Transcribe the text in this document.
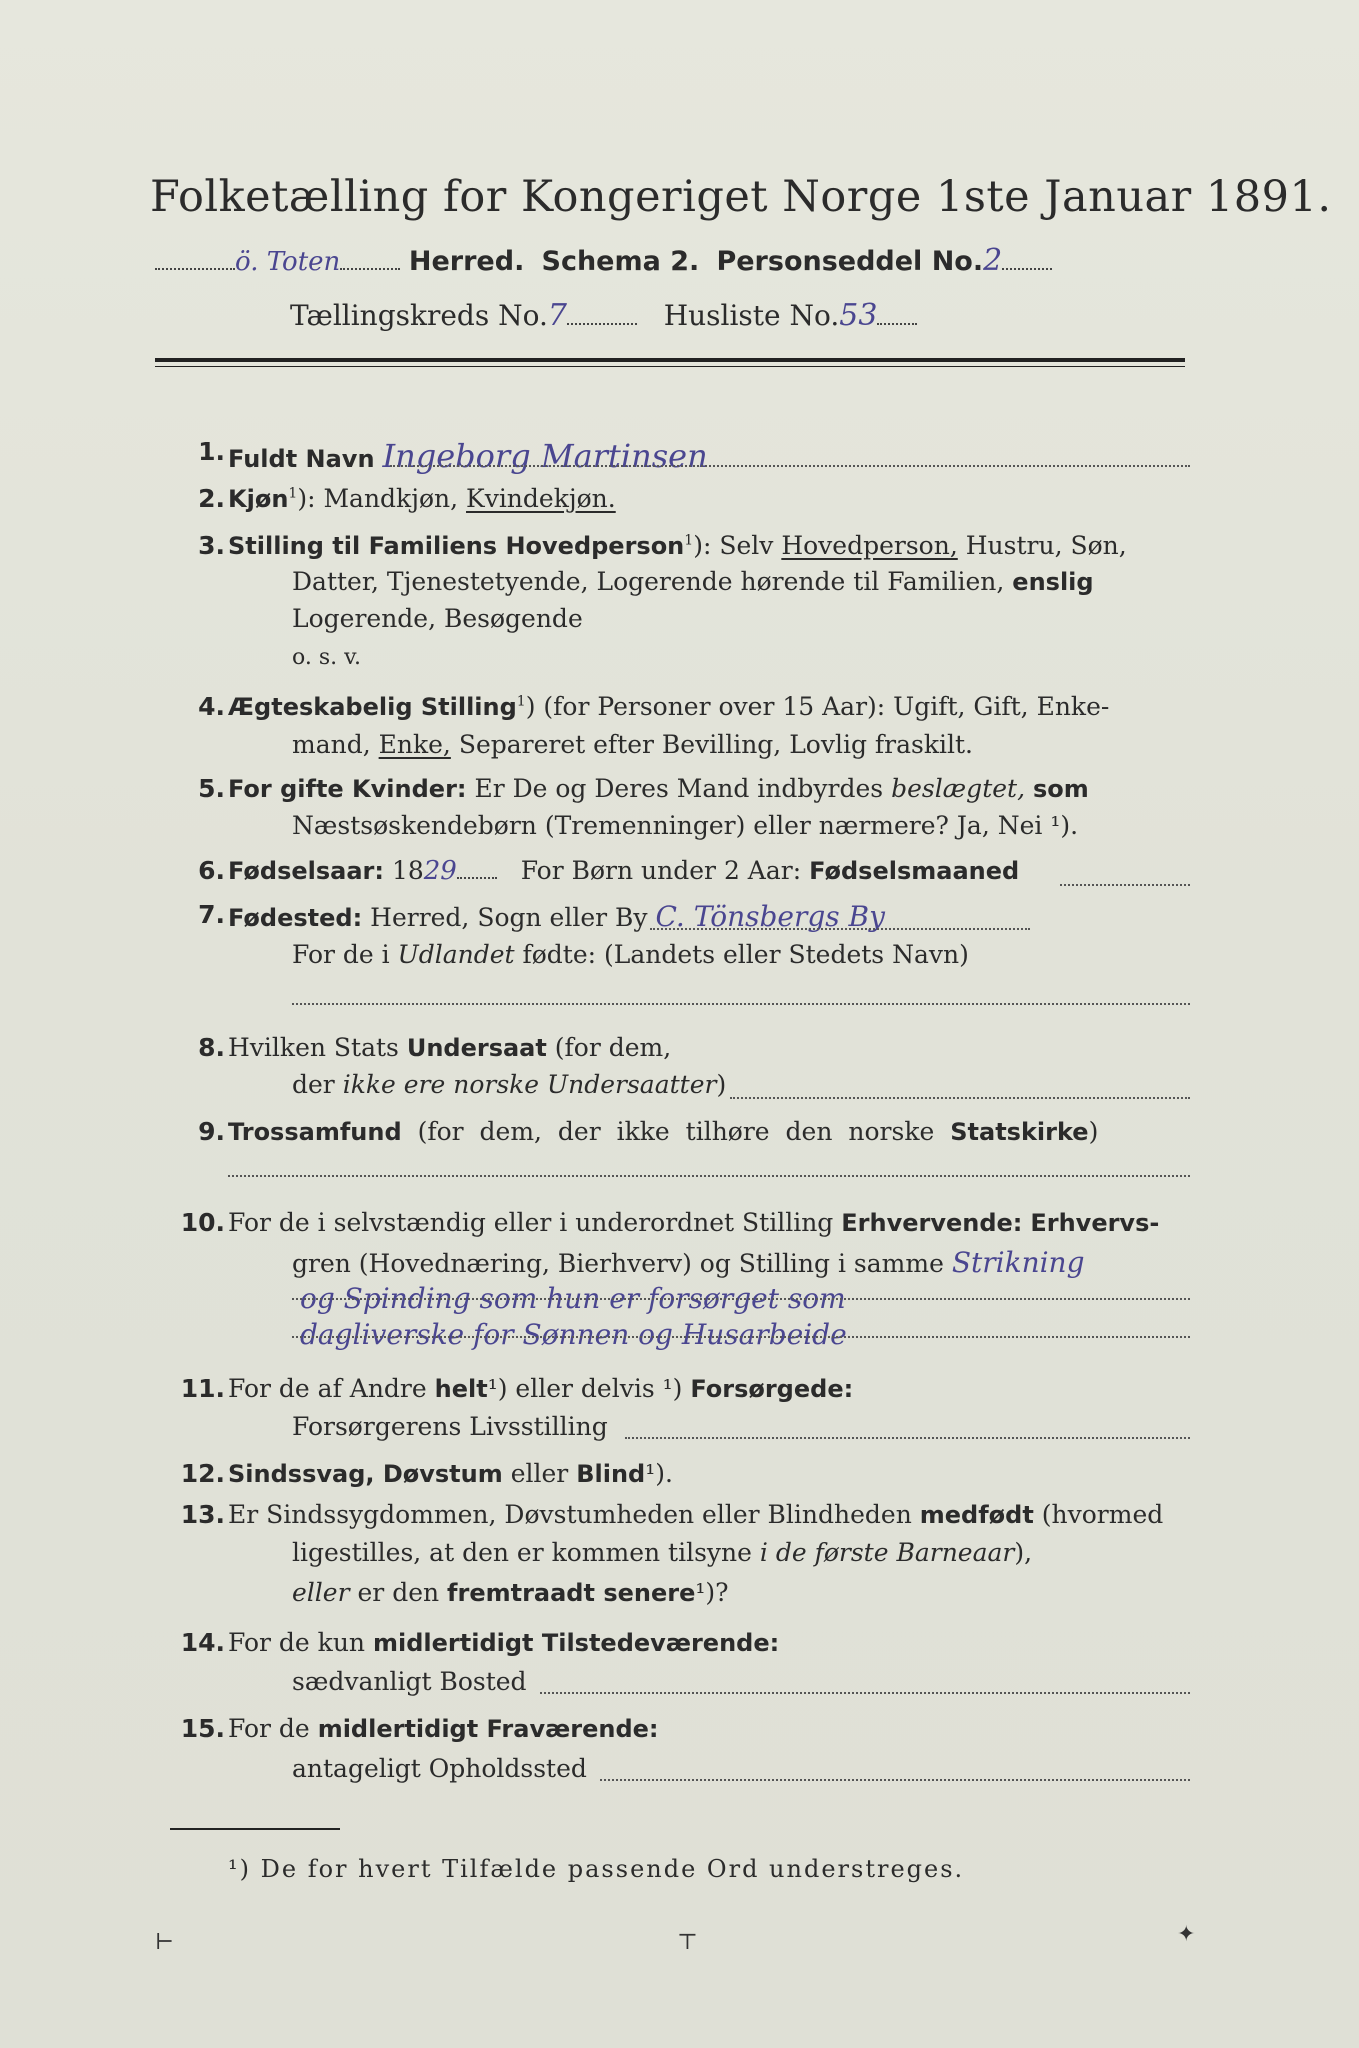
Folketælling for Kongeriget Norge 1ste Januar 1891.
ö. Toten	Herred. Schema 2. Personseddel No.2
Tællingskreds No.7	Husliste No.53
1. Fuldt Navn Ingeborg Martinsen
2. Kjøn$^1$): Mandkjøn, Kvindekjøn.
3. Stilling til Familiens Hovedperson$^1$): Selv Hovedperson, Hustru, Søn,
Datter, Tjenestetyende, Logerende hørende til Familien, enslig
Logerende, Besøgende
o. s. v.
4. Ægteskabelig Stilling$^1$) (for Personer over 15 Aar): Ugift, Gift, Enke-
mand, Enke, Separeret efter Bevilling, Lovlig fraskilt.
5. For gifte Kvinder: Er De og Deres Mand indbyrdes beslægtet, som
Næstsøskendebørn (Tremenninger) eller nærmere? Ja, Nei ¹).
6. Fødselsaar: 1829	For Børn under 2 Aar: Fødselsmaaned
7. Fødested: Herred, Sogn eller By C. Tönsbergs By
For de i Udlandet fødte: (Landets eller Stedets Navn)
8. Hvilken Stats Undersaat (for dem,
der ikke ere norske Undersaatter)
9. Trossamfund (for dem, der ikke tilhøre den norske Statskirke)
10. For de i selvstændig eller i underordnet Stilling Erhvervende: Erhvervs-
gren (Hovednæring, Bierhverv) og Stilling i samme Strikning
og Spinding som hun er forsørget som
dagliverske for Sønnen og Husarbeide
11. For de af Andre helt¹) eller delvis ¹) Forsørgede:
Forsørgerens Livsstilling
12. Sindssvag, Døvstum eller Blind¹).
13. Er Sindssygdommen, Døvstumheden eller Blindheden medfødt (hvormed
ligestilles, at den er kommen tilsyne i de første Barneaar),
eller er den fremtraadt senere¹)?
14. For de kun midlertidigt Tilstedeværende:
sædvanligt Bosted
15. For de midlertidigt Fraværende:
antageligt Opholdssted
¹) De for hvert Tilfælde passende Ord understreges.
⊢	⊤	✦
